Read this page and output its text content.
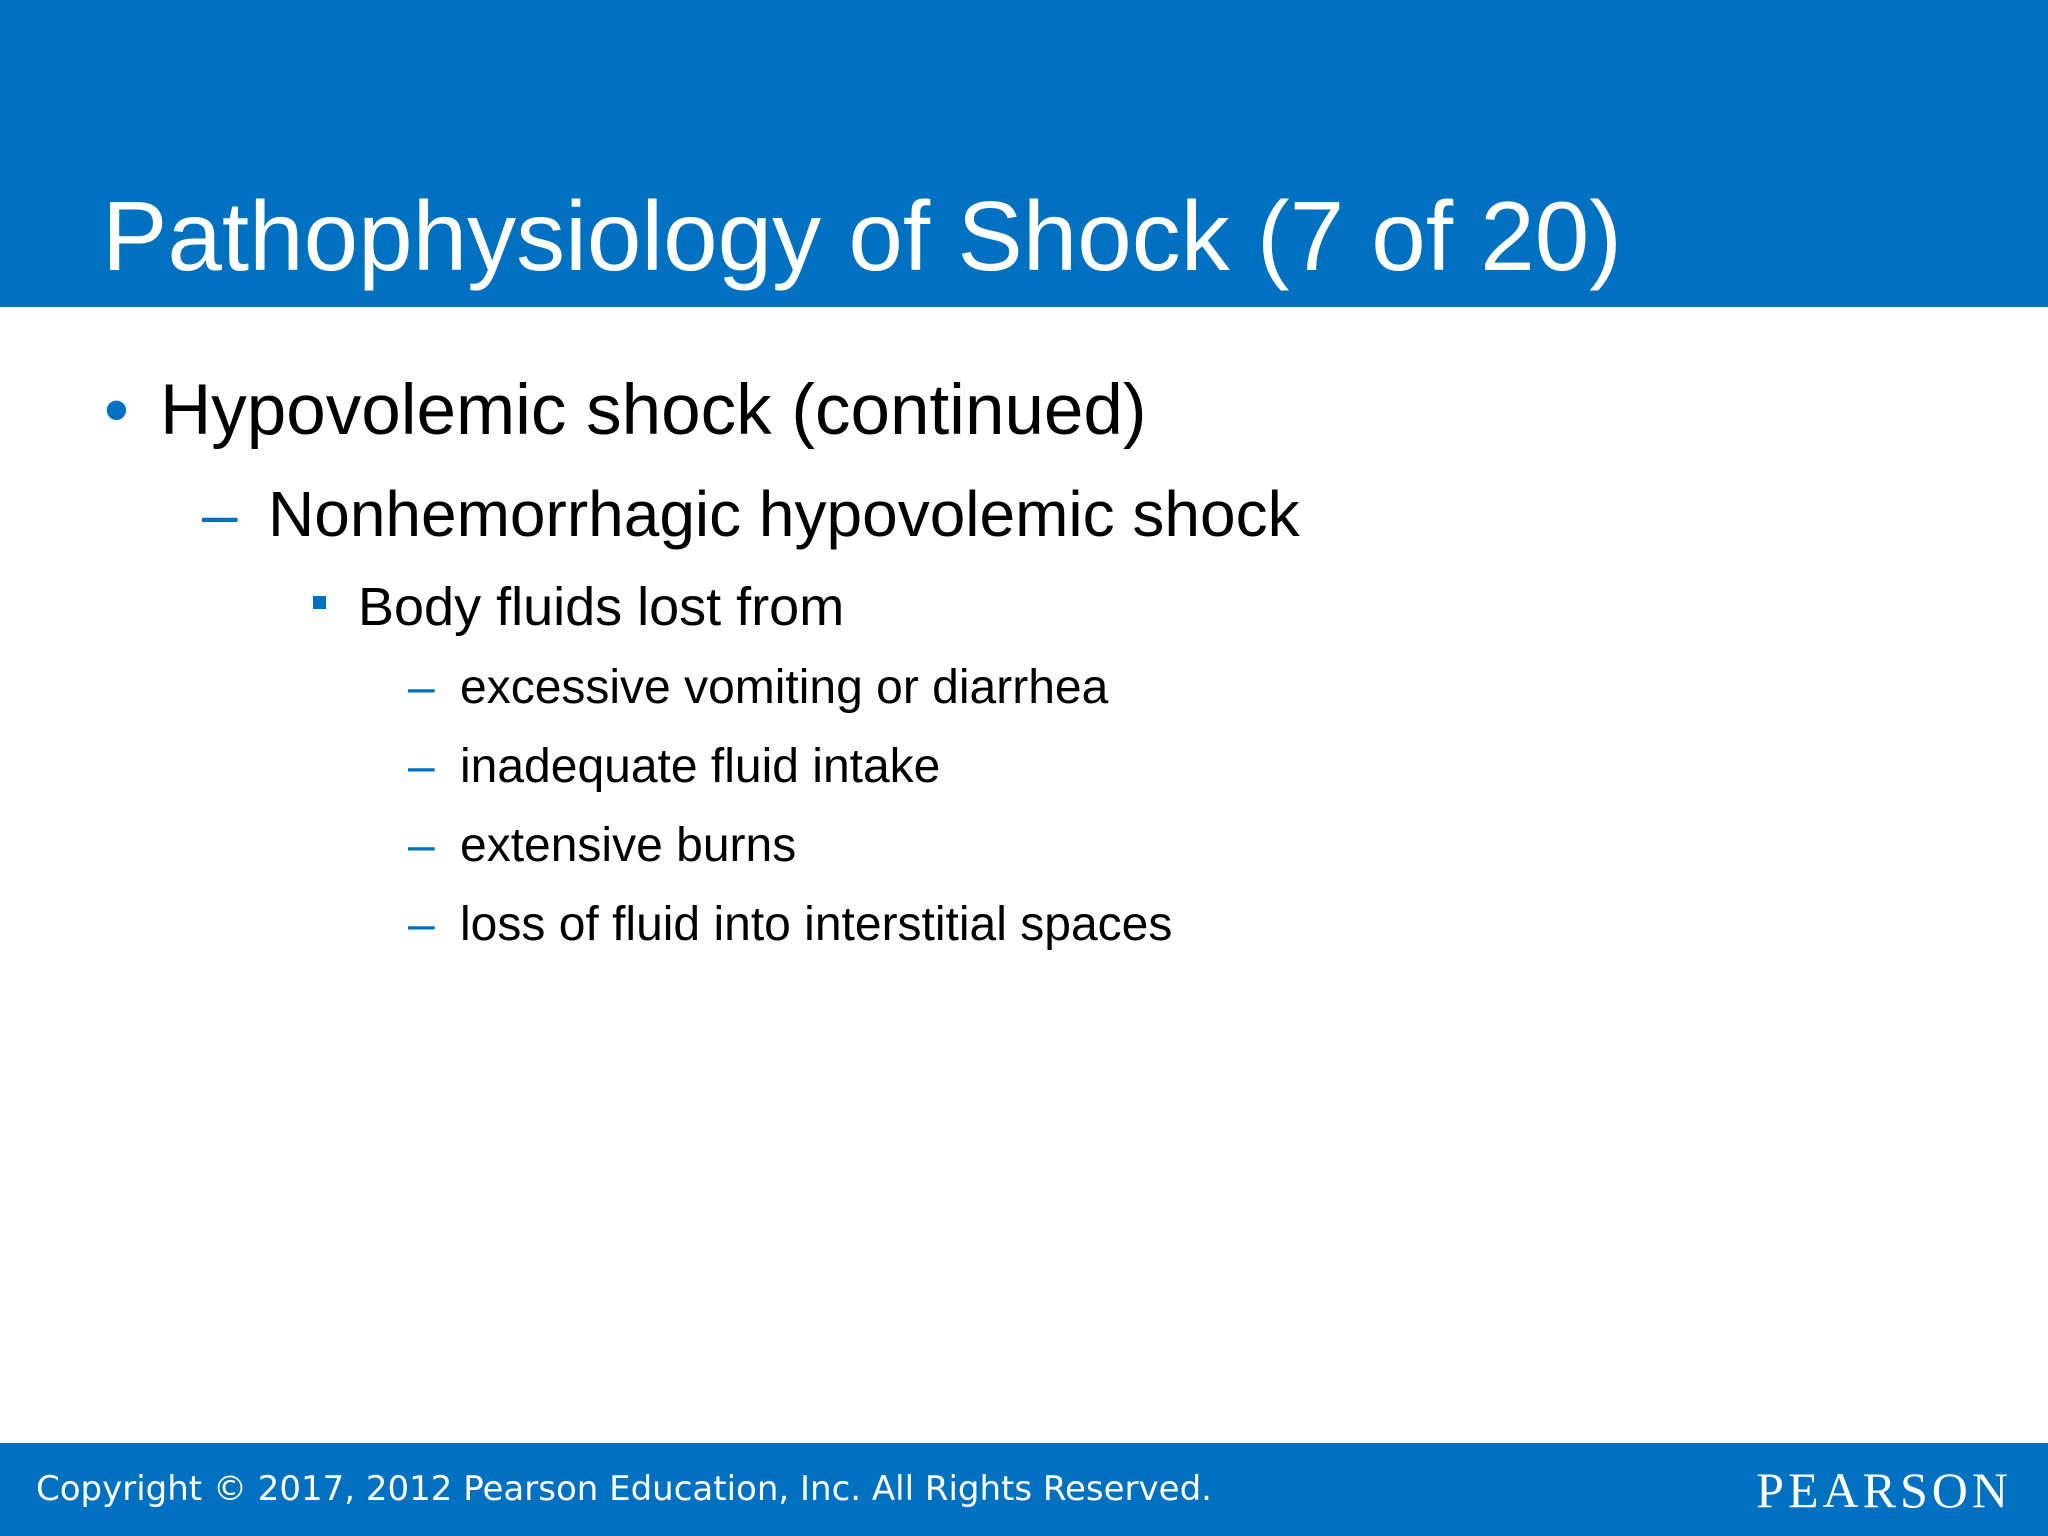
Pathophysiology of Shock (7 of 20)
• Hypovolemic shock (continued)
– Nonhemorrhagic hypovolemic shock
Body fluids lost from
– excessive vomiting or diarrhea
– inadequate fluid intake
– extensive burns
– loss of fluid into interstitial spaces
Copyright © 2017, 2012 Pearson Education, Inc. All Rights Reserved.	PEARSON
